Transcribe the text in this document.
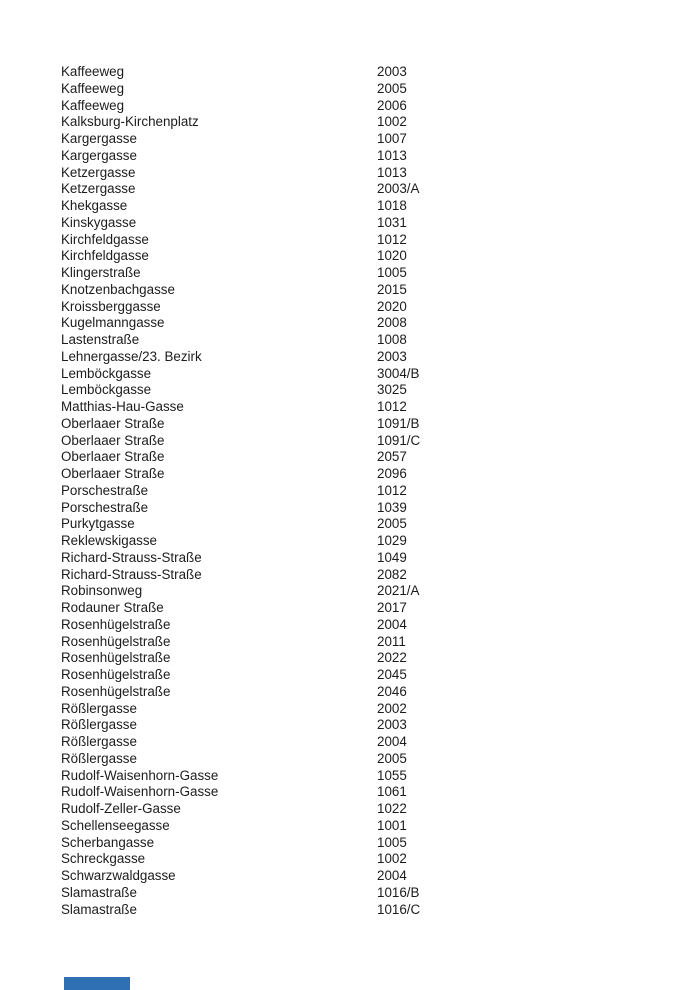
Kaffeeweg	2003
Kaffeeweg	2005
Kaffeeweg	2006
Kalksburg-Kirchenplatz	1002
Kargergasse	1007
Kargergasse	1013
Ketzergasse	1013
Ketzergasse	2003/A
Khekgasse	1018
Kinskygasse	1031
Kirchfeldgasse	1012
Kirchfeldgasse	1020
Klingerstraße	1005
Knotzenbachgasse	2015
Kroissberggasse	2020
Kugelmanngasse	2008
Lastenstraße	1008
Lehnergasse/23. Bezirk	2003
Lemböckgasse	3004/B
Lemböckgasse	3025
Matthias-Hau-Gasse	1012
Oberlaaer Straße	1091/B
Oberlaaer Straße	1091/C
Oberlaaer Straße	2057
Oberlaaer Straße	2096
Porschestraße	1012
Porschestraße	1039
Purkytgasse	2005
Reklewskigasse	1029
Richard-Strauss-Straße	1049
Richard-Strauss-Straße	2082
Robinsonweg	2021/A
Rodauner Straße	2017
Rosenhügelstraße	2004
Rosenhügelstraße	2011
Rosenhügelstraße	2022
Rosenhügelstraße	2045
Rosenhügelstraße	2046
Rößlergasse	2002
Rößlergasse	2003
Rößlergasse	2004
Rößlergasse	2005
Rudolf-Waisenhorn-Gasse	1055
Rudolf-Waisenhorn-Gasse	1061
Rudolf-Zeller-Gasse	1022
Schellenseegasse	1001
Scherbangasse	1005
Schreckgasse	1002
Schwarzwaldgasse	2004
Slamastraße	1016/B
Slamastraße	1016/C
